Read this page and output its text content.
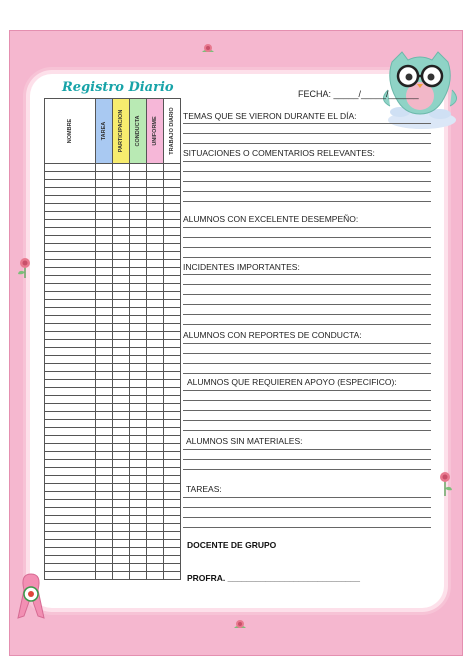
Registro Diario	FECHA: _____/_____/______
NOMBRE	TAREA	PARTICIPACION	CONDUCTA	UNIFORME	TRABAJO DIARIO

					TEMAS QUE SE VIERON DURANTE EL DÍA:
SITUACIONES O COMENTARIOS RELEVANTES:
ALUMNOS CON EXCELENTE DESEMPEÑO:
INCIDENTES IMPORTANTES:
ALUMNOS CON REPORTES DE CONDUCTA:
ALUMNOS QUE REQUIEREN APOYO (ESPECIFICO):
ALUMNOS SIN MATERIALES:
TAREAS:
DOCENTE DE GRUPO
PROFRA. ____________________________
